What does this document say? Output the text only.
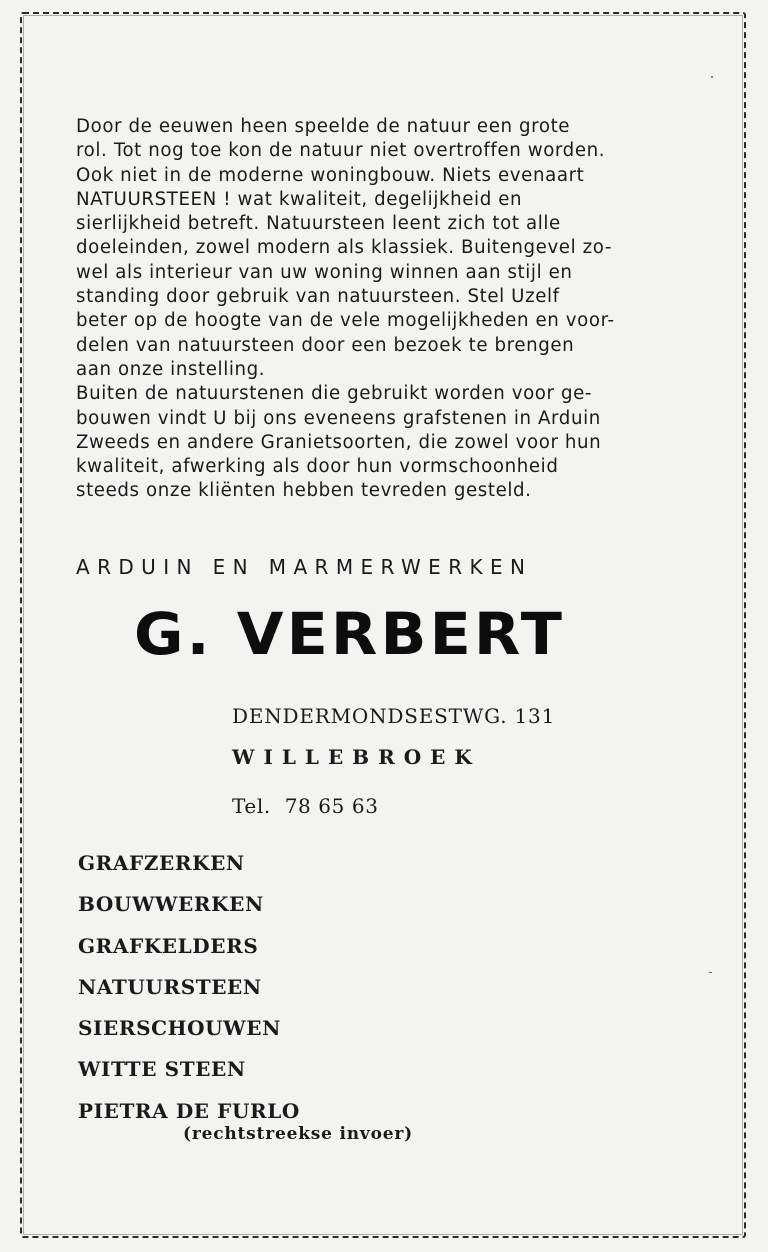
Door de eeuwen heen speelde de natuur een grote

rol. Tot nog toe kon de natuur niet overtroffen worden.

Ook niet in de moderne woningbouw. Niets evenaart

NATUURSTEEN ! wat kwaliteit, degelijkheid en

sierlijkheid betreft. Natuursteen leent zich tot alle

doeleinden, zowel modern als klassiek. Buitengevel zo-

wel als interieur van uw woning winnen aan stijl en

standing door gebruik van natuursteen. Stel Uzelf

beter op de hoogte van de vele mogelijkheden en voor-

delen van natuursteen door een bezoek te brengen

aan onze instelling.

Buiten de natuurstenen die gebruikt worden voor ge-

bouwen vindt U bij ons eveneens grafstenen in Arduin

Zweeds en andere Granietsoorten, die zowel voor hun

kwaliteit, afwerking als door hun vormschoonheid

steeds onze kliënten hebben tevreden gesteld.

ARDUIN EN MARMERWERKEN
G. VERBERT
DENDERMONDSESTWG. 131
WILLEBROEK
Tel.  78 65 63
GRAFZERKEN
BOUWWERKEN
GRAFKELDERS
NATUURSTEEN
SIERSCHOUWEN
WITTE STEEN
PIETRA DE FURLO
(rechtstreekse invoer)
